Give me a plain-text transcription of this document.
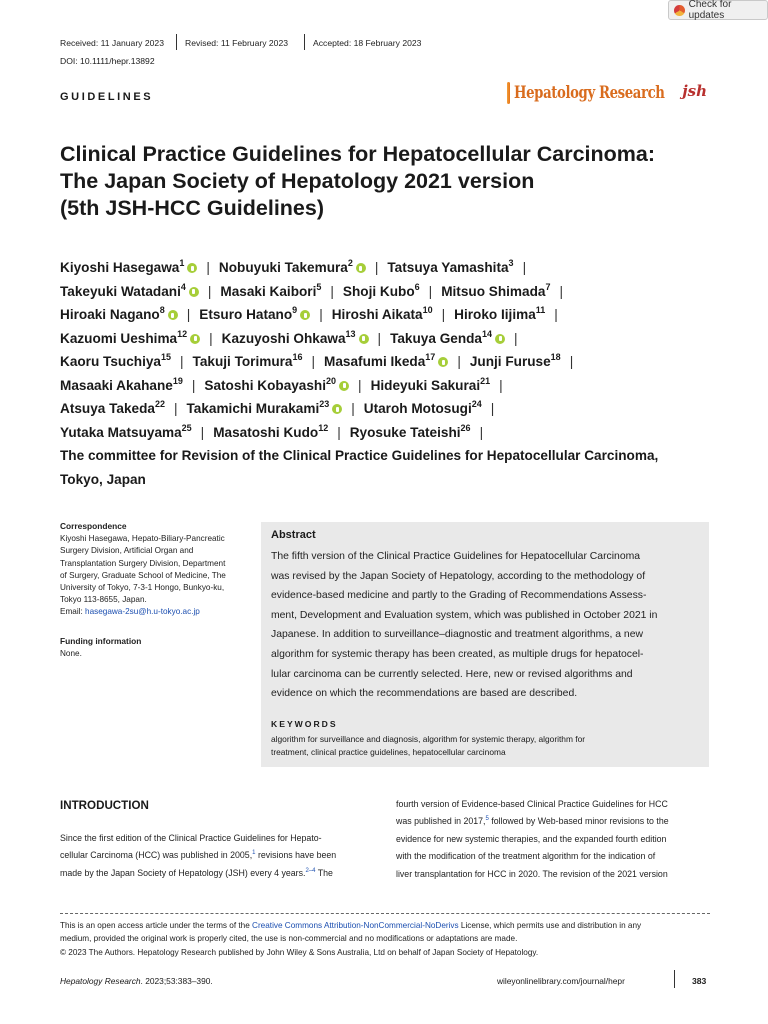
Check for updates
Received: 11 January 2023 Revised: 11 February 2023	Accepted: 18 February 2023
DOI: 10.1111/hepr.13892
GUIDELINES	Hepatology Research jsh
Clinical Practice Guidelines for Hepatocellular Carcinoma:
The Japan Society of Hepatology 2021 version
(5th JSH-HCC Guidelines)
Kiyoshi Hasegawa$^1$ | Nobuyuki Takemura$^2$ | Tatsuya Yamashita$^3$ |
Takeyuki Watadani$^4$ | Masaki Kaibori$^5$ | Shoji Kubo$^6$ | Mitsuo Shimada$^7$ |
Hiroaki Nagano$^8$ | Etsuro Hatano$^9$ | Hiroshi Aikata$^{10}$ | Hiroko Iijima$^{11}$ |
Kazuomi Ueshima$^{12}$ | Kazuyoshi Ohkawa$^{13}$ | Takuya Genda$^{14}$ |
Kaoru Tsuchiya$^{15}$ | Takuji Torimura$^{16}$ | Masafumi Ikeda$^{17}$ | Junji Furuse$^{18}$ |
Masaaki Akahane$^{19}$ | Satoshi Kobayashi$^{20}$ | Hideyuki Sakurai$^{21}$ |
Atsuya Takeda$^{22}$ | Takamichi Murakami$^{23}$ | Utaroh Motosugi$^{24}$ |
Yutaka Matsuyama$^{25}$ | Masatoshi Kudo$^{12}$ | Ryosuke Tateishi$^{26}$ |
The committee for Revision of the Clinical Practice Guidelines for Hepatocellular Carcinoma,
Tokyo, Japan
Correspondence
Kiyoshi Hasegawa, Hepato-Biliary-Pancreatic
Surgery Division, Artificial Organ and
Transplantation Surgery Division, Department
of Surgery, Graduate School of Medicine, The
University of Tokyo, 7-3-1 Hongo, Bunkyo-ku,
Tokyo 113-8655, Japan.
Email: hasegawa-2su@h.u-tokyo.ac.jp
Funding information
None.
Abstract
The fifth version of the Clinical Practice Guidelines for Hepatocellular Carcinoma
was revised by the Japan Society of Hepatology, according to the methodology of
evidence-based medicine and partly to the Grading of Recommendations Assess-
ment, Development and Evaluation system, which was published in October 2021 in
Japanese. In addition to surveillance–diagnostic and treatment algorithms, a new
algorithm for systemic therapy has been created, as multiple drugs for hepatocel-
lular carcinoma can be currently selected. Here, new or revised algorithms and
evidence on which the recommendations are based are described.
KEYWORDS
algorithm for surveillance and diagnosis, algorithm for systemic therapy, algorithm for
treatment, clinical practice guidelines, hepatocellular carcinoma
INTRODUCTION
Since the first edition of the Clinical Practice Guidelines for Hepato-
cellular Carcinoma (HCC) was published in 2005,$^1$ revisions have been
made by the Japan Society of Hepatology (JSH) every 4 years.$^{2-4}$ The
fourth version of Evidence-based Clinical Practice Guidelines for HCC
was published in 2017,$^5$ followed by Web-based minor revisions to the
evidence for new systemic therapies, and the expanded fourth edition
with the modification of the treatment algorithm for the indication of
liver transplantation for HCC in 2020. The revision of the 2021 version
This is an open access article under the terms of the Creative Commons Attribution-NonCommercial-NoDerivs License, which permits use and distribution in any
medium, provided the original work is properly cited, the use is non-commercial and no modifications or adaptations are made.
© 2023 The Authors. Hepatology Research published by John Wiley & Sons Australia, Ltd on behalf of Japan Society of Hepatology.
Hepatology Research. 2023;53:383–390.	wileyonlinelibrary.com/journal/hepr	383
